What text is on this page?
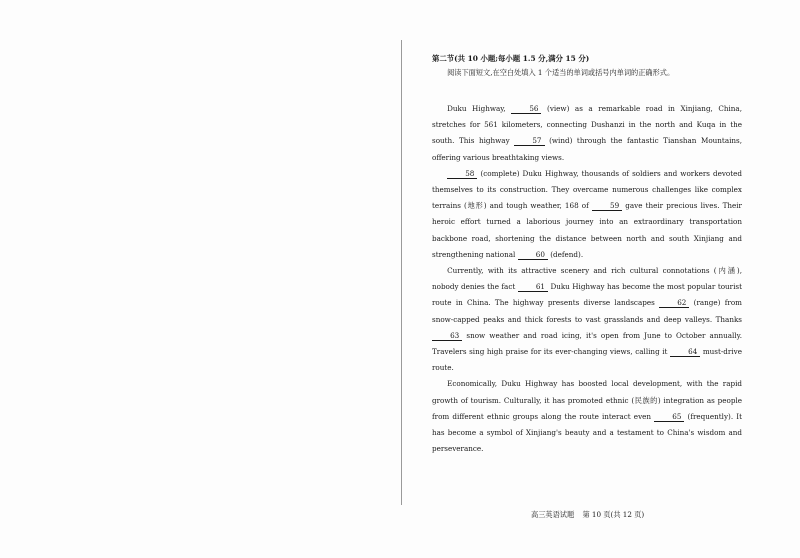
第二节(共 10 小题;每小题 1.5 分,满分 15 分)

阅读下面短文,在空白处填入 1 个适当的单词或括号内单词的正确形式。

Duku Highway,	56 (view) as a remarkable road in Xinjiang, China, stretches for 561 kilometers, connecting Dushanzi in the north and Kuqa in the south. This highway	57 (wind) through the fantastic Tianshan Mountains, offering various breathtaking views.

58 (complete) Duku Highway, thousands of soldiers and workers devoted themselves to its construction. They overcame numerous challenges like complex terrains (地形) and tough weather, 168 of	59 gave their precious lives. Their heroic effort turned a laborious journey into an extraordinary transportation backbone road, shortening the distance between north and south Xinjiang and strengthening national	60 (defend).

Currently, with its attractive scenery and rich cultural connotations (内涵), nobody denies the fact	61 Duku Highway has become the most popular tourist route in China. The highway presents diverse landscapes	62 (range) from snow-capped peaks and thick forests to vast grasslands and deep valleys. Thanks 63 snow weather and road icing, it's open from June to October annually. Travelers sing high praise for its ever-changing views, calling it	64 must-drive route.

Economically, Duku Highway has boosted local development, with the rapid growth of tourism. Culturally, it has promoted ethnic (民族的) integration as people from different ethnic groups along the route interact even	65 (frequently). It has become a symbol of Xinjiang's beauty and a testament to China's wisdom and perseverance.

高三英语试题 第 10 页(共 12 页)
